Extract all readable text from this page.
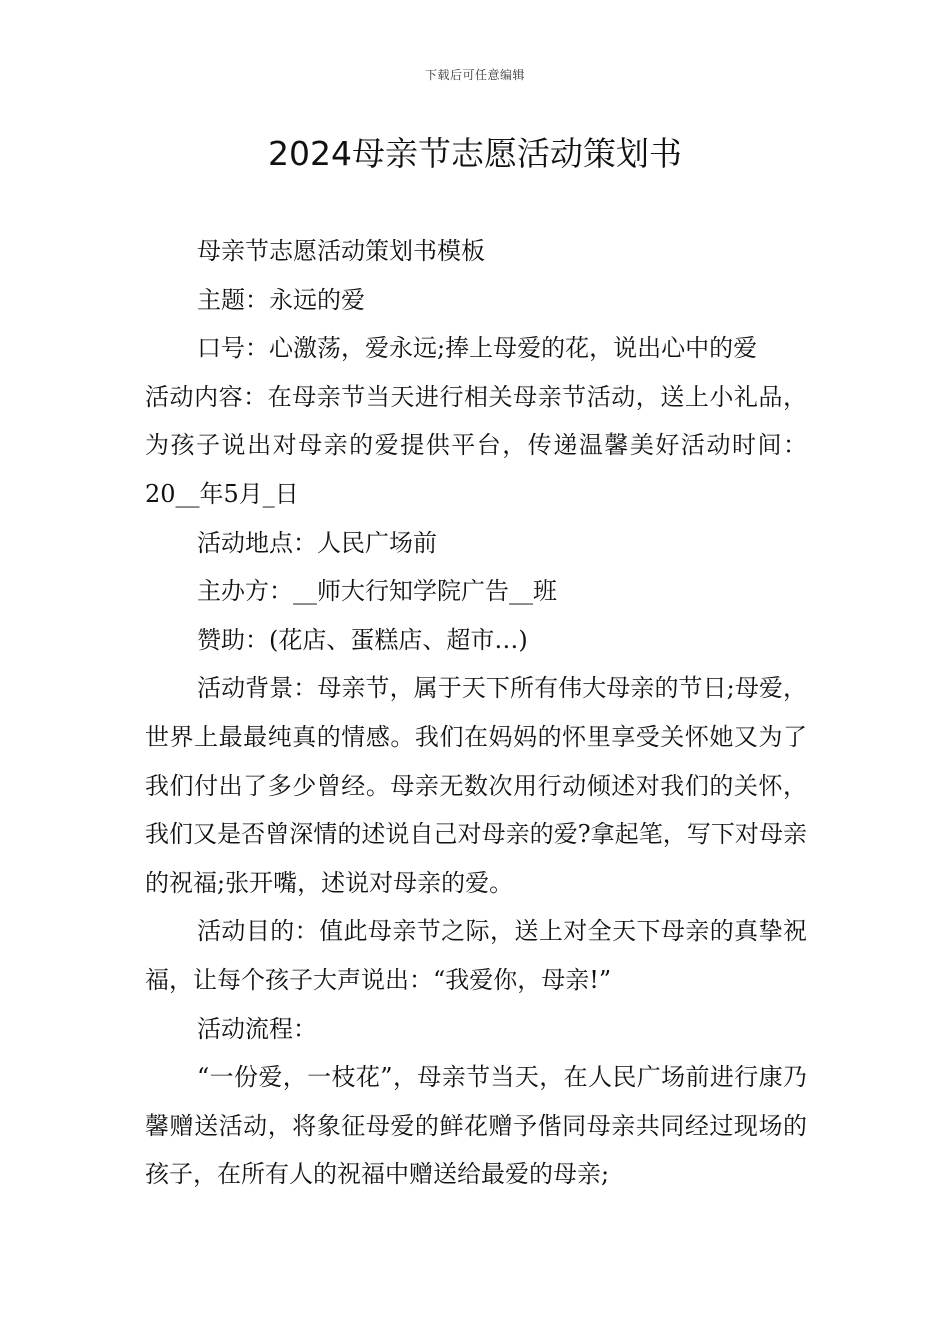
下载后可任意编辑
2024母亲节志愿活动策划书

母亲节志愿活动策划书模板

主题：永远的爱

口号：心激荡，爱永远;捧上母爱的花，说出心中的爱

活动内容：在母亲节当天进行相关母亲节活动，送上小礼品，为孩子说出对母亲的爱提供平台，传递温馨美好活动时间：20__年5月_日

活动地点：人民广场前

主办方：__师大行知学院广告__班

赞助：(花店、蛋糕店、超市…)

活动背景：母亲节，属于天下所有伟大母亲的节日;母爱，世界上最最纯真的情感。我们在妈妈的怀里享受关怀她又为了我们付出了多少曾经。母亲无数次用行动倾述对我们的关怀，我们又是否曾深情的述说自己对母亲的爱?拿起笔，写下对母亲的祝福;张开嘴，述说对母亲的爱。

活动目的：值此母亲节之际，送上对全天下母亲的真挚祝福，让每个孩子大声说出：“我爱你，母亲!”

活动流程：

“一份爱，一枝花”，母亲节当天，在人民广场前进行康乃馨赠送活动，将象征母爱的鲜花赠予偕同母亲共同经过现场的孩子，在所有人的祝福中赠送给最爱的母亲;
